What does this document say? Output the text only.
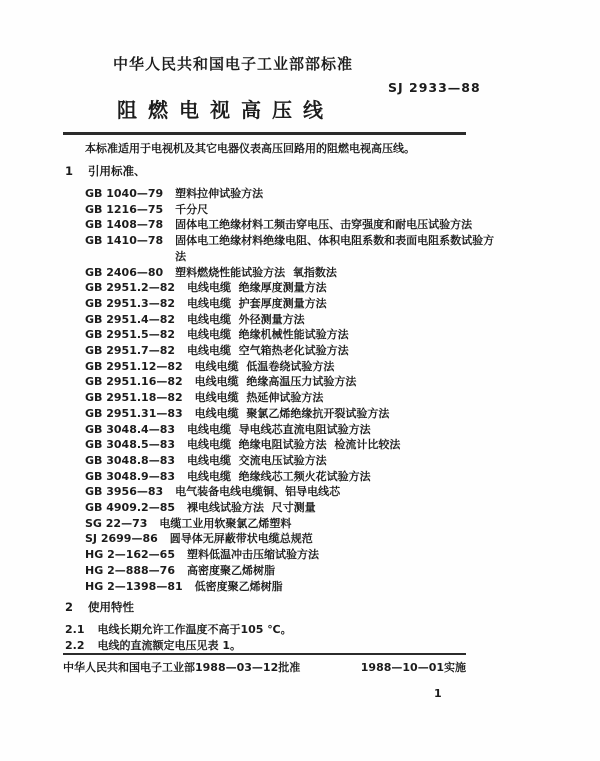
中华人民共和国电子工业部部标准
SJ 2933—88
阻燃电视高压线
本标准适用于电视机及其它电器仪表高压回路用的阻燃电视高压线。
1 引用标准、
GB 1040—79 塑料拉伸试验方法
GB 1216—75 千分尺
GB 1408—78 固体电工绝缘材料工频击穿电压、击穿强度和耐电压试验方法
GB 1410—78 固体电工绝缘材料绝缘电阻、体积电阻系数和表面电阻系数试验方
法
GB 2406—80 塑料燃烧性能试验方法  氧指数法
GB 2951.2—82 电线电缆  绝缘厚度测量方法
GB 2951.3—82 电线电缆  护套厚度测量方法
GB 2951.4—82 电线电缆  外径测量方法
GB 2951.5—82 电线电缆  绝缘机械性能试验方法
GB 2951.7—82 电线电缆  空气箱热老化试验方法
GB 2951.12—82 电线电缆  低温卷绕试验方法
GB 2951.16—82 电线电缆  绝缘高温压力试验方法
GB 2951.18—82 电线电缆  热延伸试验方法
GB 2951.31—83 电线电缆  聚氯乙烯绝缘抗开裂试验方法
GB 3048.4—83 电线电缆  导电线芯直流电阻试验方法
GB 3048.5—83 电线电缆  绝缘电阻试验方法  检流计比较法
GB 3048.8—83 电线电缆  交流电压试验方法
GB 3048.9—83 电线电缆  绝缘线芯工频火花试验方法
GB 3956—83 电气装备电线电缆铜、铝导电线芯
GB 4909.2—85 裸电线试验方法  尺寸测量
SG 22—73 电缆工业用软聚氯乙烯塑料
SJ 2699—86 圆导体无屏蔽带状电缆总规范
HG 2—162—65 塑料低温冲击压缩试验方法
HG 2—888—76 高密度聚乙烯树脂
HG 2—1398—81 低密度聚乙烯树脂
2 使用特性
2.1 电线长期允许工作温度不高于105 ℃。
2.2 电线的直流额定电压见表 1。
中华人民共和国电子工业部1988—03—12批准	1988—10—01实施
1
